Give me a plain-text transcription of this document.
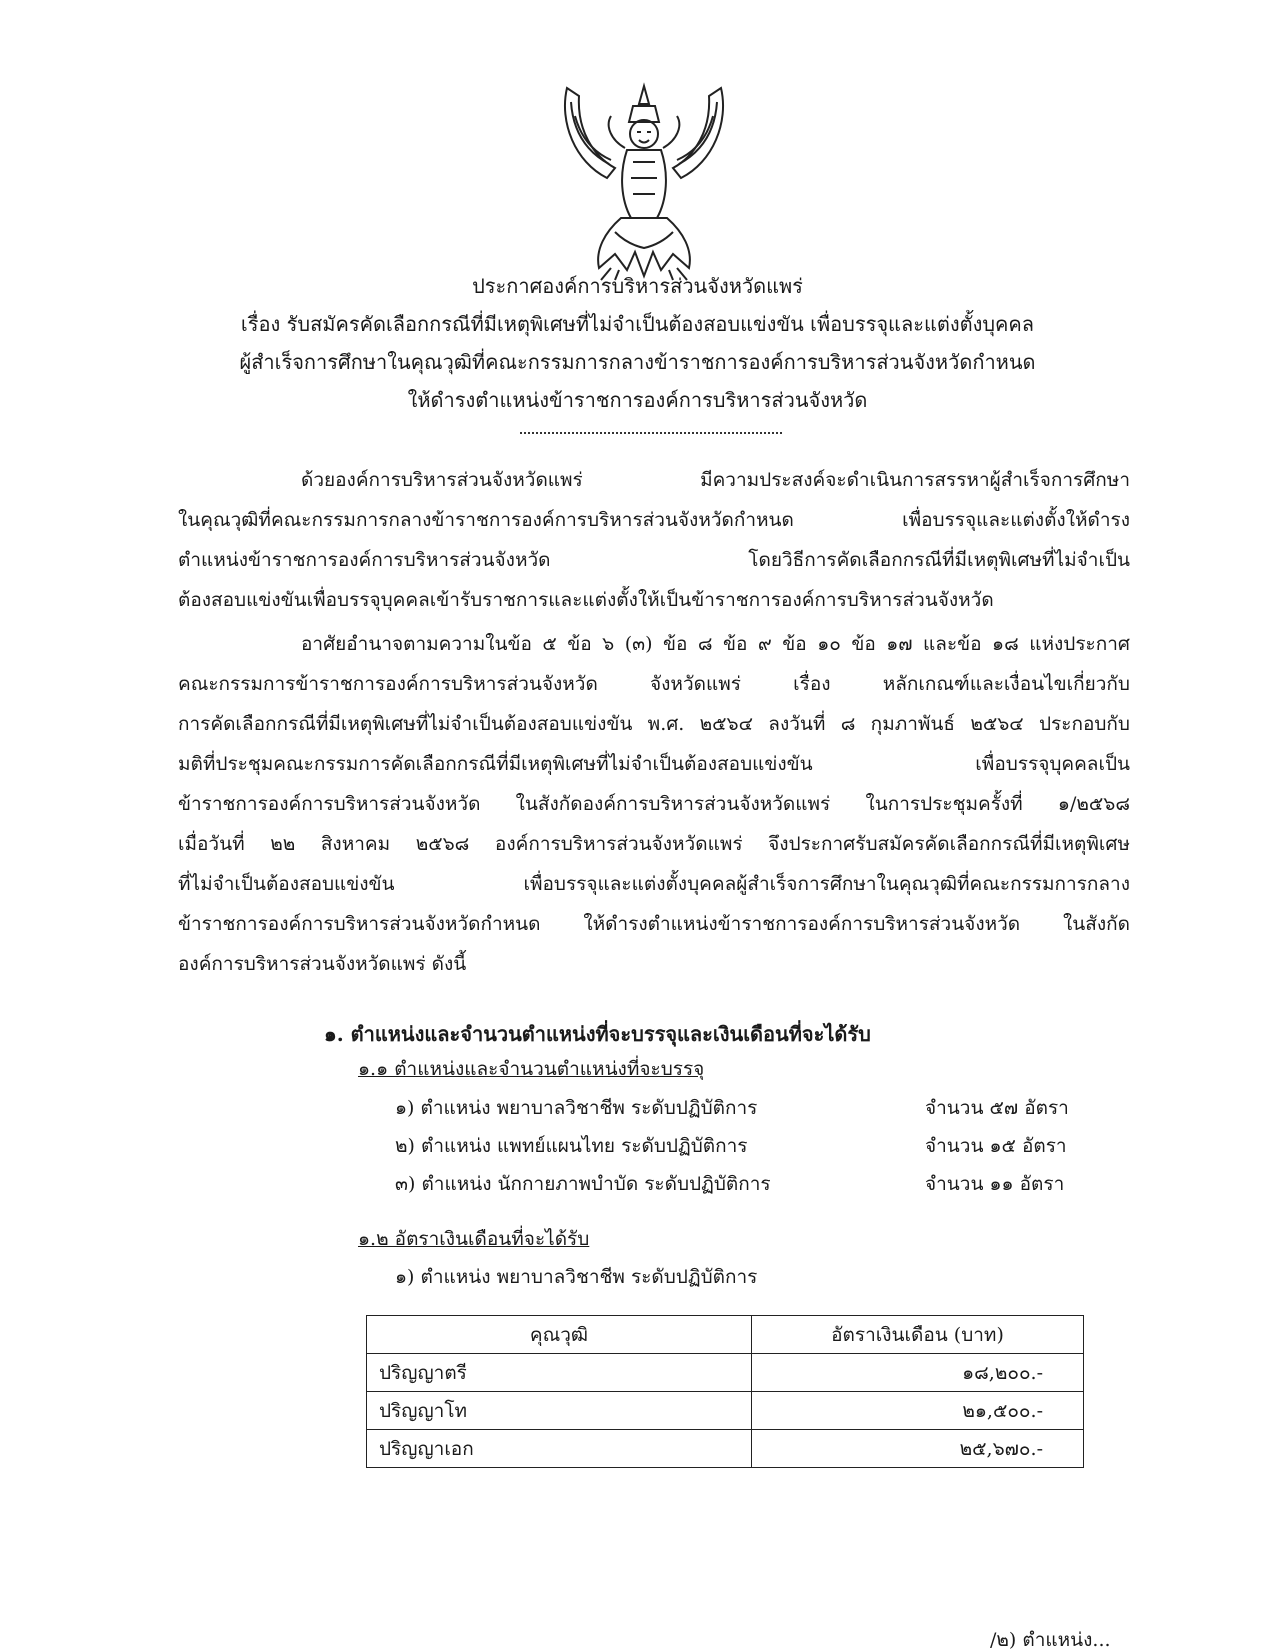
ประกาศองค์การบริหารส่วนจังหวัดแพร่
เรื่อง รับสมัครคัดเลือกกรณีที่มีเหตุพิเศษที่ไม่จำเป็นต้องสอบแข่งขัน เพื่อบรรจุและแต่งตั้งบุคคล
ผู้สำเร็จการศึกษาในคุณวุฒิที่คณะกรรมการกลางข้าราชการองค์การบริหารส่วนจังหวัดกำหนด
ให้ดำรงตำแหน่งข้าราชการองค์การบริหารส่วนจังหวัด
ด้วยองค์การบริหารส่วนจังหวัดแพร่ มีความประสงค์จะดำเนินการสรรหาผู้สำเร็จการศึกษา
ในคุณวุฒิที่คณะกรรมการกลางข้าราชการองค์การบริหารส่วนจังหวัดกำหนด เพื่อบรรจุและแต่งตั้งให้ดำรง
ตำแหน่งข้าราชการองค์การบริหารส่วนจังหวัด โดยวิธีการคัดเลือกกรณีที่มีเหตุพิเศษที่ไม่จำเป็น
ต้องสอบแข่งขันเพื่อบรรจุบุคคลเข้ารับราชการและแต่งตั้งให้เป็นข้าราชการองค์การบริหารส่วนจังหวัด
อาศัยอำนาจตามความในข้อ ๕ ข้อ ๖ (๓) ข้อ ๘ ข้อ ๙ ข้อ ๑๐ ข้อ ๑๗ และข้อ ๑๘ แห่งประกาศ
คณะกรรมการข้าราชการองค์การบริหารส่วนจังหวัด จังหวัดแพร่ เรื่อง หลักเกณฑ์และเงื่อนไขเกี่ยวกับ
การคัดเลือกกรณีที่มีเหตุพิเศษที่ไม่จำเป็นต้องสอบแข่งขัน พ.ศ. ๒๕๖๔ ลงวันที่ ๘ กุมภาพันธ์ ๒๕๖๔ ประกอบกับ
มติที่ประชุมคณะกรรมการคัดเลือกกรณีที่มีเหตุพิเศษที่ไม่จำเป็นต้องสอบแข่งขัน เพื่อบรรจุบุคคลเป็น
ข้าราชการองค์การบริหารส่วนจังหวัด ในสังกัดองค์การบริหารส่วนจังหวัดแพร่ ในการประชุมครั้งที่ ๑/๒๕๖๘
เมื่อวันที่ ๒๒ สิงหาคม ๒๕๖๘ องค์การบริหารส่วนจังหวัดแพร่ จึงประกาศรับสมัครคัดเลือกกรณีที่มีเหตุพิเศษ
ที่ไม่จำเป็นต้องสอบแข่งขัน เพื่อบรรจุและแต่งตั้งบุคคลผู้สำเร็จการศึกษาในคุณวุฒิที่คณะกรรมการกลาง
ข้าราชการองค์การบริหารส่วนจังหวัดกำหนด ให้ดำรงตำแหน่งข้าราชการองค์การบริหารส่วนจังหวัด ในสังกัด
องค์การบริหารส่วนจังหวัดแพร่ ดังนี้
๑. ตำแหน่งและจำนวนตำแหน่งที่จะบรรจุและเงินเดือนที่จะได้รับ
๑.๑ ตำแหน่งและจำนวนตำแหน่งที่จะบรรจุ
๑) ตำแหน่ง พยาบาลวิชาชีพ ระดับปฏิบัติการ	จำนวน ๕๗ อัตรา
๒) ตำแหน่ง แพทย์แผนไทย ระดับปฏิบัติการ	จำนวน ๑๕ อัตรา
๓) ตำแหน่ง นักกายภาพบำบัด ระดับปฏิบัติการ	จำนวน ๑๑ อัตรา
๑.๒ อัตราเงินเดือนที่จะได้รับ
๑) ตำแหน่ง พยาบาลวิชาชีพ ระดับปฏิบัติการ
คุณวุฒิ	อัตราเงินเดือน (บาท)
ปริญญาตรี	๑๘,๒๐๐.-
ปริญญาโท	๒๑,๕๐๐.-
ปริญญาเอก	๒๕,๖๗๐.-
/๒) ตำแหน่ง...
